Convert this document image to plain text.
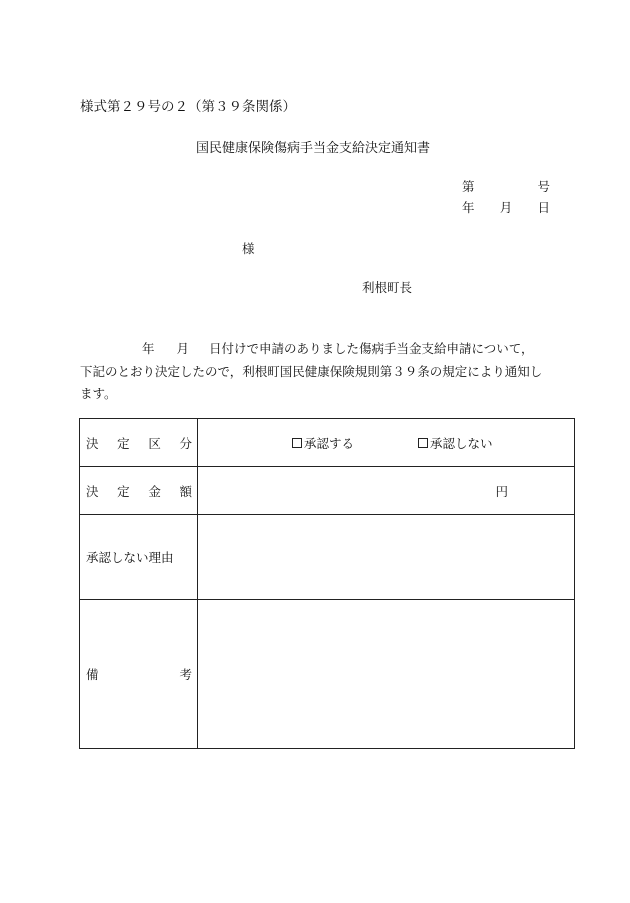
様式第２９号の２（第３９条関係）
国民健康保険傷病手当金支給決定通知書
第	号
年 月 日
様
利根町長
年 月 日付けで申請のありました傷病手当金支給申請について，
下記のとおり決定したので，利根町国民健康保険規則第３９条の規定により通知し
ます。
決 定 区 分	承認する 承認しない

決 定 金 額	円

承認しない理由	

備 考	
